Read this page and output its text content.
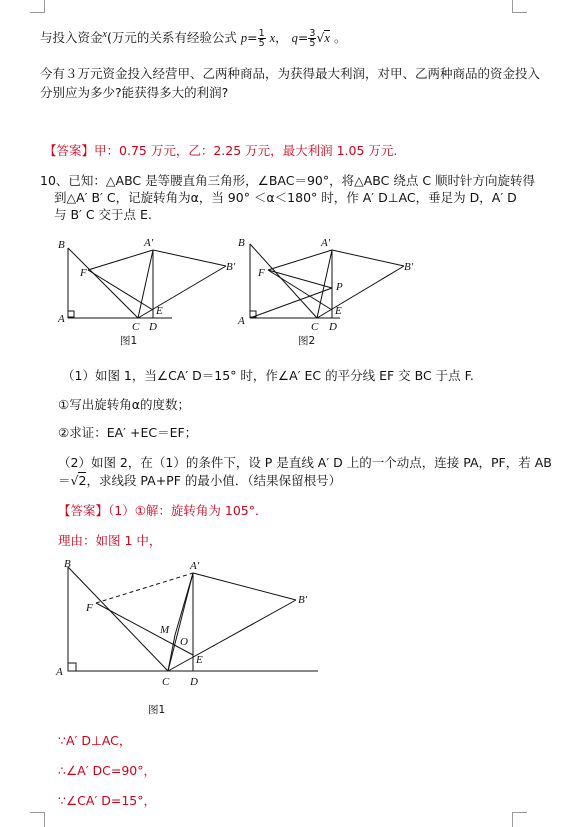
与投入资金$^x$(万元的关系有经验公式 $p= \frac{1}{5}$ x， $q= \frac{3}{5} √x$ 。
今有３万元资金投入经营甲、乙两种商品，为获得最大利润，对甲、乙两种商品的资金投入
分别应为多少?能获得多大的利润?
【答案】甲：0.75 万元，乙：2.25 万元，最大利润 1.05 万元.
10、已知：△ABC 是等腰直角三角形，∠BAC＝90°，将△ABC 绕点 C 顺时针方向旋转得
到△A′ B′ C，记旋转角为α，当 90° ＜α＜180° 时，作 A′ D⊥AC，垂足为 D，A′ D
与 B′ C 交于点 E.
B
A
F
A′
B′
E
C D
图1
B
A
F
A′
B′
P
E
C D
图2
（1）如图 1，当∠CA′ D＝15° 时，作∠A′ EC 的平分线 EF 交 BC 于点 F.
①写出旋转角α的度数；
②求证：EA′ +EC＝EF；
（2）如图 2，在（1）的条件下，设 P 是直线 A′ D 上的一个动点，连接 PA，PF，若 AB
＝√2，求线段 PA+PF 的最小值．（结果保留根号）
【答案】（1）①解：旋转角为 105°．
理由：如图 1 中，
B
A
F
A′
B′
M
O
E
C D
图1
∵A′ D⊥AC，
∴∠A′ DC=90°，
∵∠CA′ D=15°，
